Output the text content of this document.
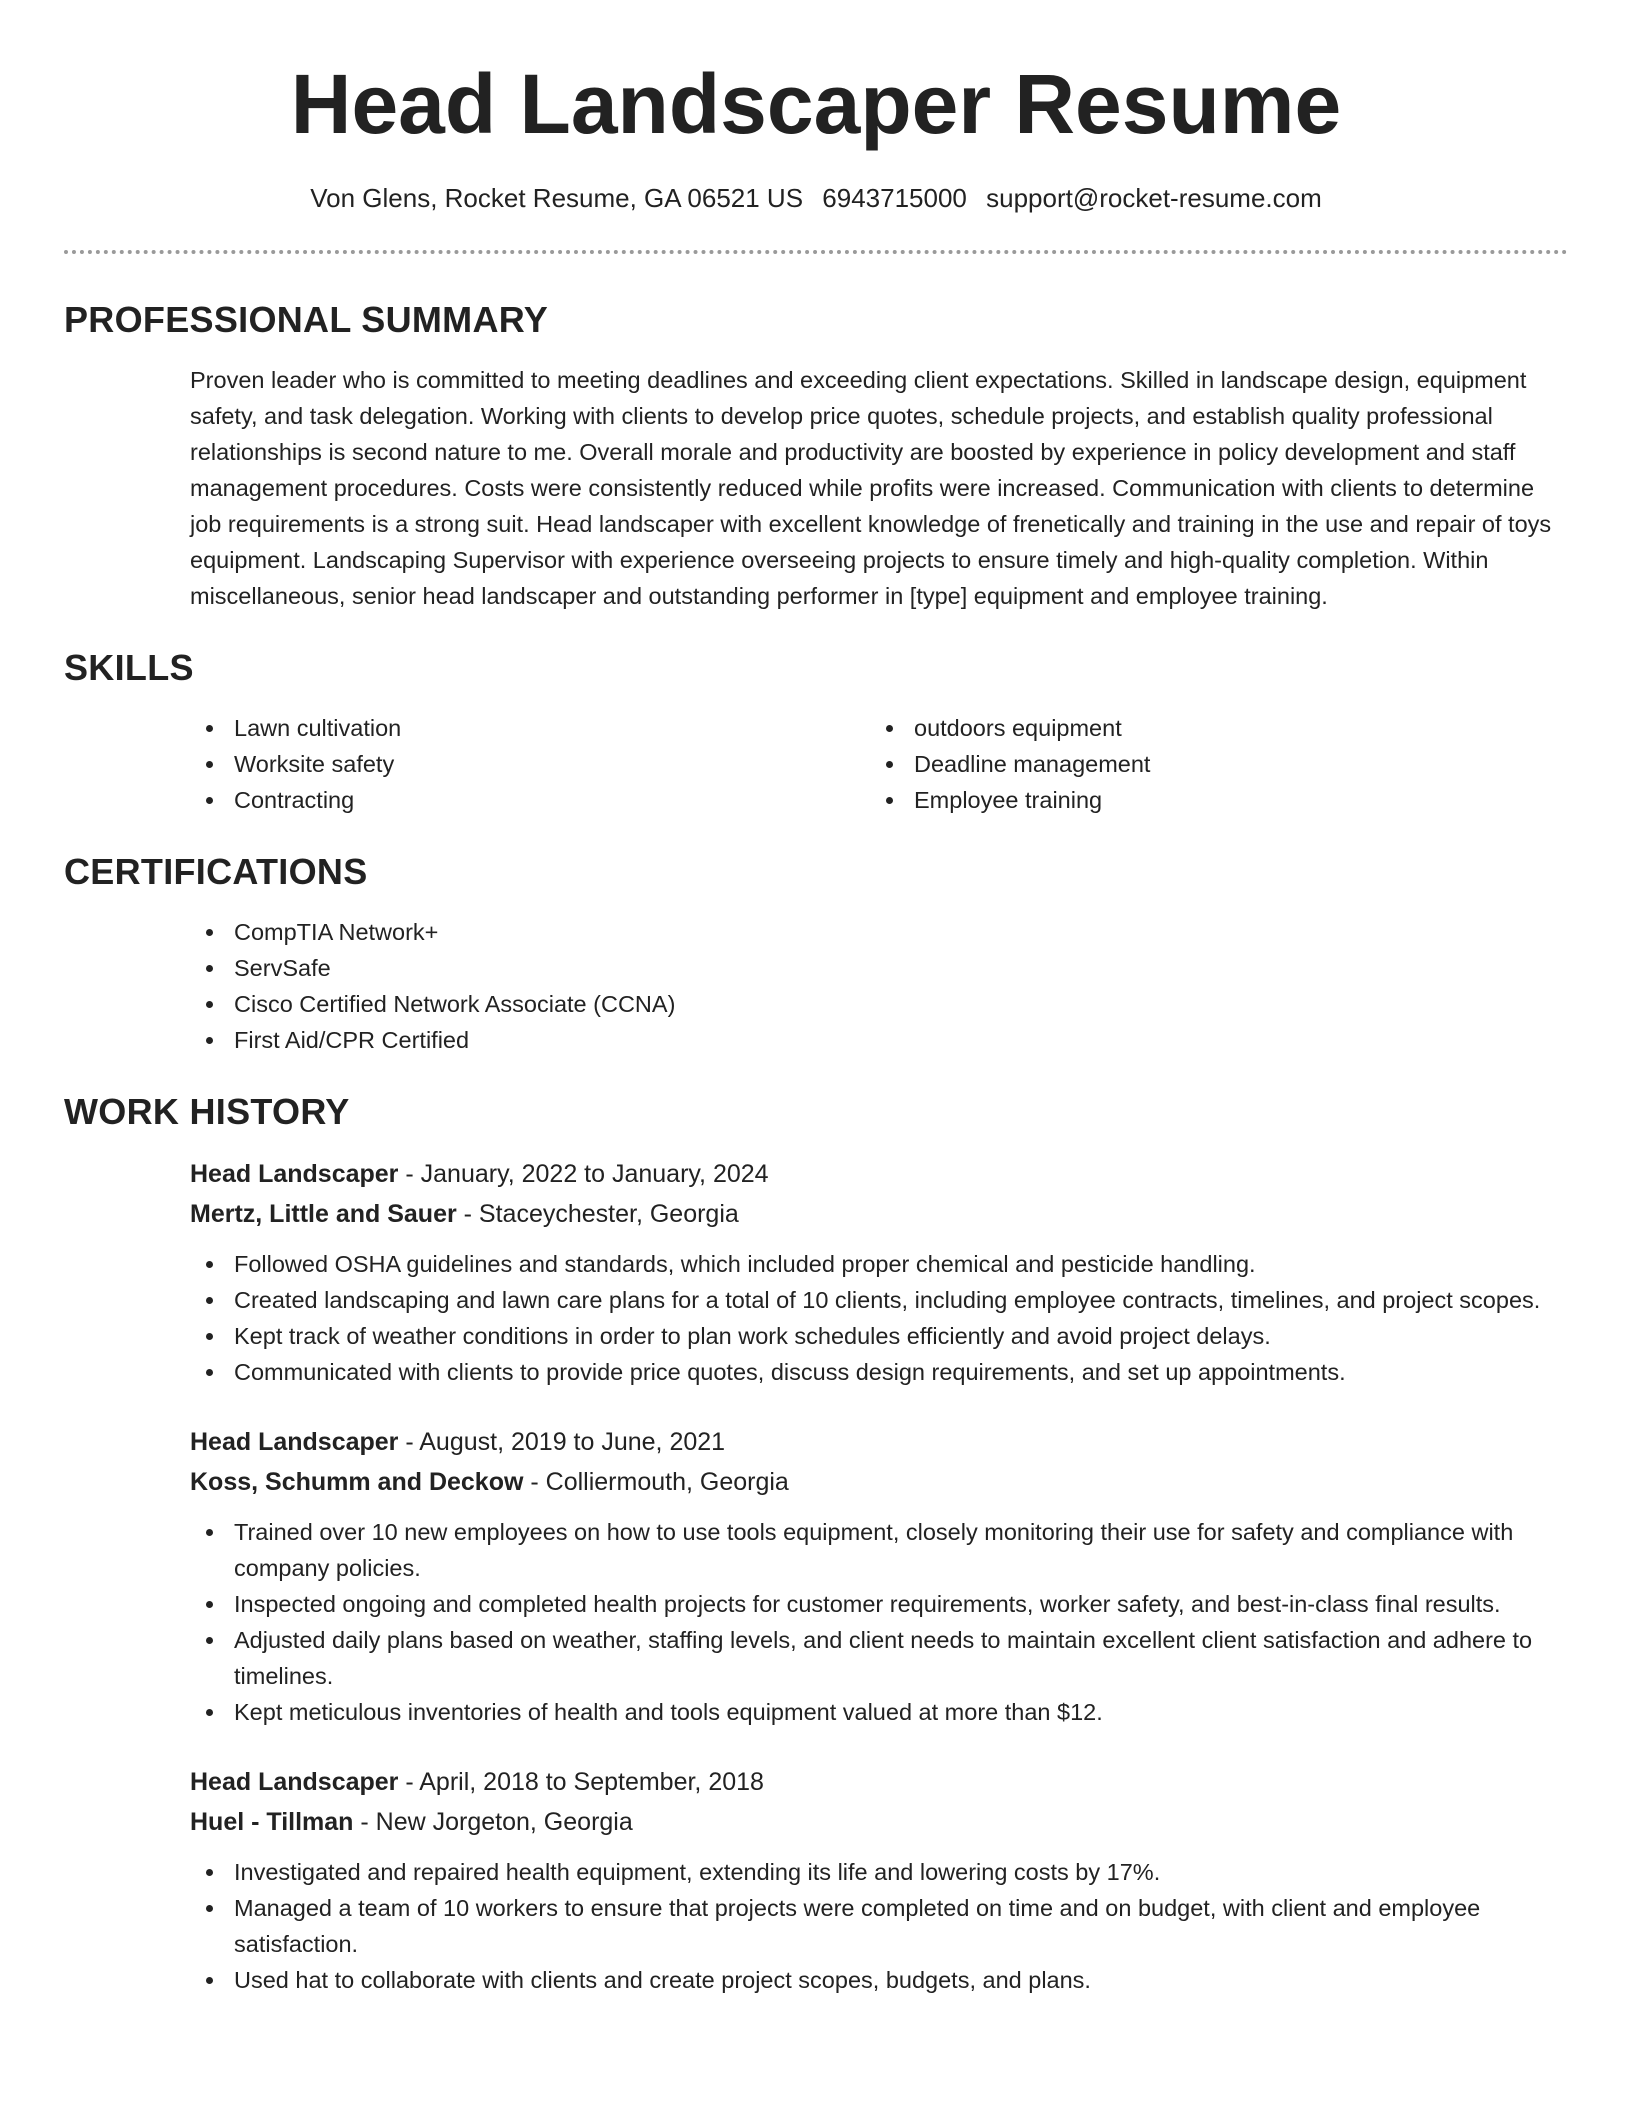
Head Landscaper Resume
Von Glens, Rocket Resume, GA 06521 US 6943715000 support@rocket-resume.com
PROFESSIONAL SUMMARY
Proven leader who is committed to meeting deadlines and exceeding client expectations. Skilled in landscape design, equipment safety, and task delegation. Working with clients to develop price quotes, schedule projects, and establish quality professional relationships is second nature to me. Overall morale and productivity are boosted by experience in policy development and staff management procedures. Costs were consistently reduced while profits were increased. Communication with clients to determine job requirements is a strong suit. Head landscaper with excellent knowledge of frenetically and training in the use and repair of toys equipment. Landscaping Supervisor with experience overseeing projects to ensure timely and high-quality completion. Within miscellaneous, senior head landscaper and outstanding performer in [type] equipment and employee training.
SKILLS
Lawn cultivation
Worksite safety
Contracting
outdoors equipment
Deadline management
Employee training
CERTIFICATIONS
CompTIA Network+
ServSafe
Cisco Certified Network Associate (CCNA)
First Aid/CPR Certified
WORK HISTORY
Head Landscaper - January, 2022 to January, 2024
Mertz, Little and Sauer - Staceychester, Georgia
Followed OSHA guidelines and standards, which included proper chemical and pesticide handling.
Created landscaping and lawn care plans for a total of 10 clients, including employee contracts, timelines, and project scopes.
Kept track of weather conditions in order to plan work schedules efficiently and avoid project delays.
Communicated with clients to provide price quotes, discuss design requirements, and set up appointments.
Head Landscaper - August, 2019 to June, 2021
Koss, Schumm and Deckow - Colliermouth, Georgia
Trained over 10 new employees on how to use tools equipment, closely monitoring their use for safety and compliance with company policies.
Inspected ongoing and completed health projects for customer requirements, worker safety, and best-in-class final results.
Adjusted daily plans based on weather, staffing levels, and client needs to maintain excellent client satisfaction and adhere to timelines.
Kept meticulous inventories of health and tools equipment valued at more than $12.
Head Landscaper - April, 2018 to September, 2018
Huel - Tillman - New Jorgeton, Georgia
Investigated and repaired health equipment, extending its life and lowering costs by 17%.
Managed a team of 10 workers to ensure that projects were completed on time and on budget, with client and employee satisfaction.
Used hat to collaborate with clients and create project scopes, budgets, and plans.
